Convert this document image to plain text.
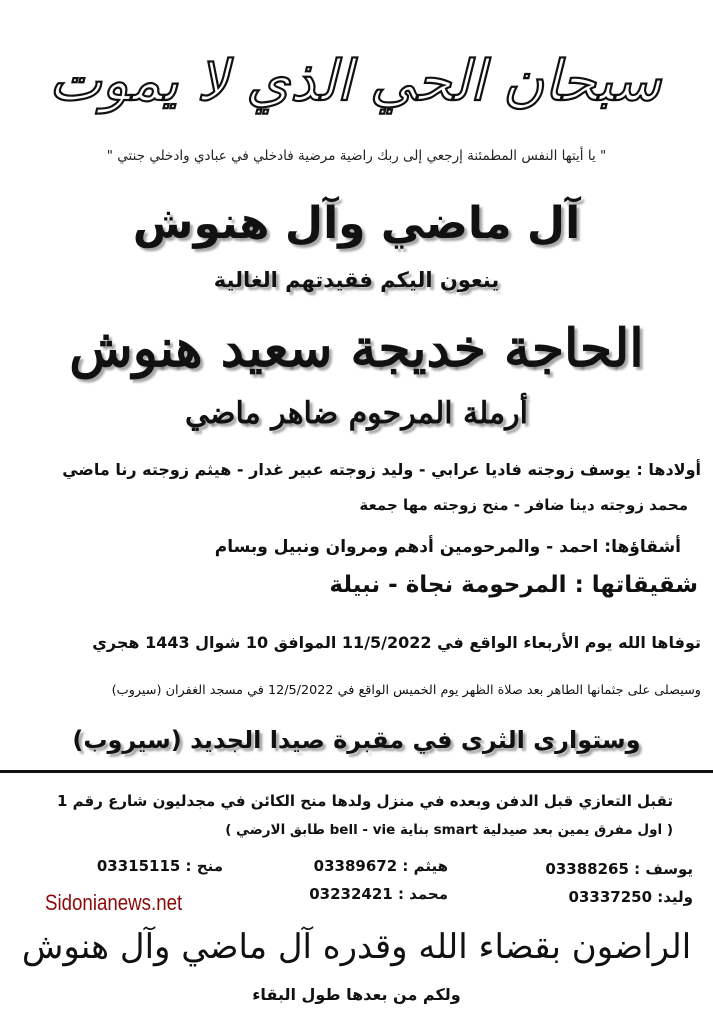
سبحان الحي الذي لا يموت
" يا أيتها النفس المطمئنة إرجعي إلى ربك راضية مرضية فادخلي في عبادي وادخلي جنتي "
آل ماضي وآل هنوش
ينعون اليكم فقيدتهم الغالية
الحاجة خديجة سعيد هنوش
أرملة المرحوم ضاهر ماضي
أولادها : يوسف زوجته فاديا عرابي - وليد زوجته عبير غدار - هيثم زوجته رنا ماضي
محمد زوجته دينا ضافر - منح زوجته مها جمعة
أشقاؤها: احمد - والمرحومين أدهم ومروان ونبيل وبسام
شقيقاتها : المرحومة نجاة - نبيلة
توفاها الله يوم الأربعاء الواقع في 11/5/2022 الموافق 10 شوال 1443 هجري
وسيصلى على جثمانها الطاهر بعد صلاة الظهر يوم الخميس الواقع في 12/5/2022 في مسجد الغفران (سيروب)
وستوارى الثرى في مقبرة صيدا الجديد (سيروب)
تقبل التعازي قبل الدفن وبعده في منزل ولدها منح الكائن في مجدليون شارع رقم 1
( اول مفرق يمين بعد صيدلية smart بناية bell - vie طابق الارضي )
يوسف : 03388265
هيثم : 03389672
منح : 03315115
وليد: 03337250
محمد : 03232421
Sidonianews.net
الراضون بقضاء الله وقدره آل ماضي وآل هنوش
ولكم من بعدها طول البقاء
